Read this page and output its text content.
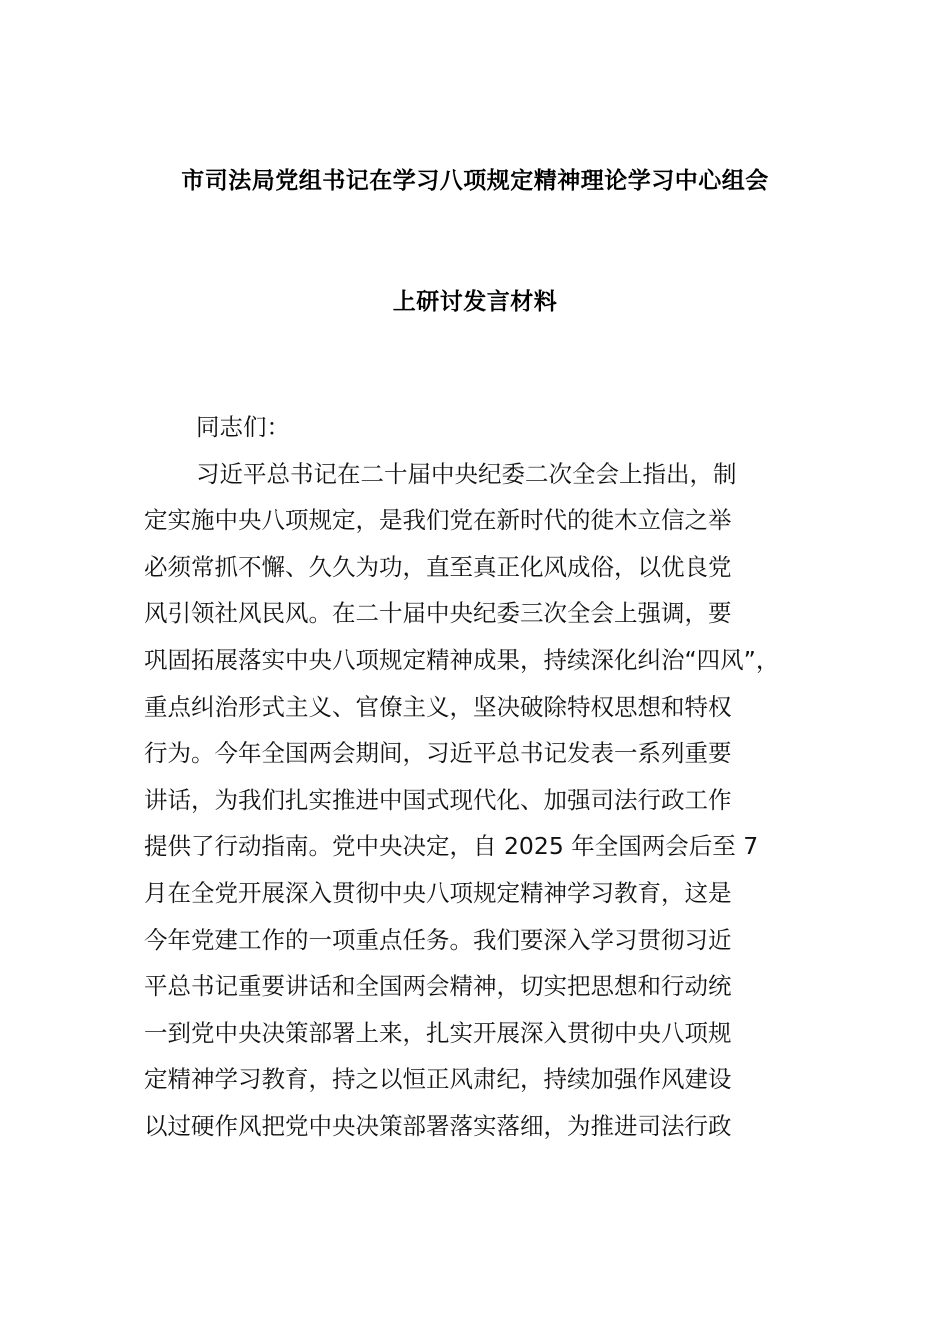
市司法局党组书记在学习八项规定精神理论学习中心组会
上研讨发言材料
同志们：
习近平总书记在二十届中央纪委二次全会上指出，制
定实施中央八项规定，是我们党在新时代的徙木立信之举
必须常抓不懈、久久为功，直至真正化风成俗，以优良党
风引领社风民风。在二十届中央纪委三次全会上强调，要
巩固拓展落实中央八项规定精神成果，持续深化纠治“四风”，
重点纠治形式主义、官僚主义，坚决破除特权思想和特权
行为。今年全国两会期间，习近平总书记发表一系列重要
讲话，为我们扎实推进中国式现代化、加强司法行政工作
提供了行动指南。党中央决定，自 2025 年全国两会后至 7
月在全党开展深入贯彻中央八项规定精神学习教育，这是
今年党建工作的一项重点任务。我们要深入学习贯彻习近
平总书记重要讲话和全国两会精神，切实把思想和行动统
一到党中央决策部署上来，扎实开展深入贯彻中央八项规
定精神学习教育，持之以恒正风肃纪，持续加强作风建设
以过硬作风把党中央决策部署落实落细，为推进司法行政
